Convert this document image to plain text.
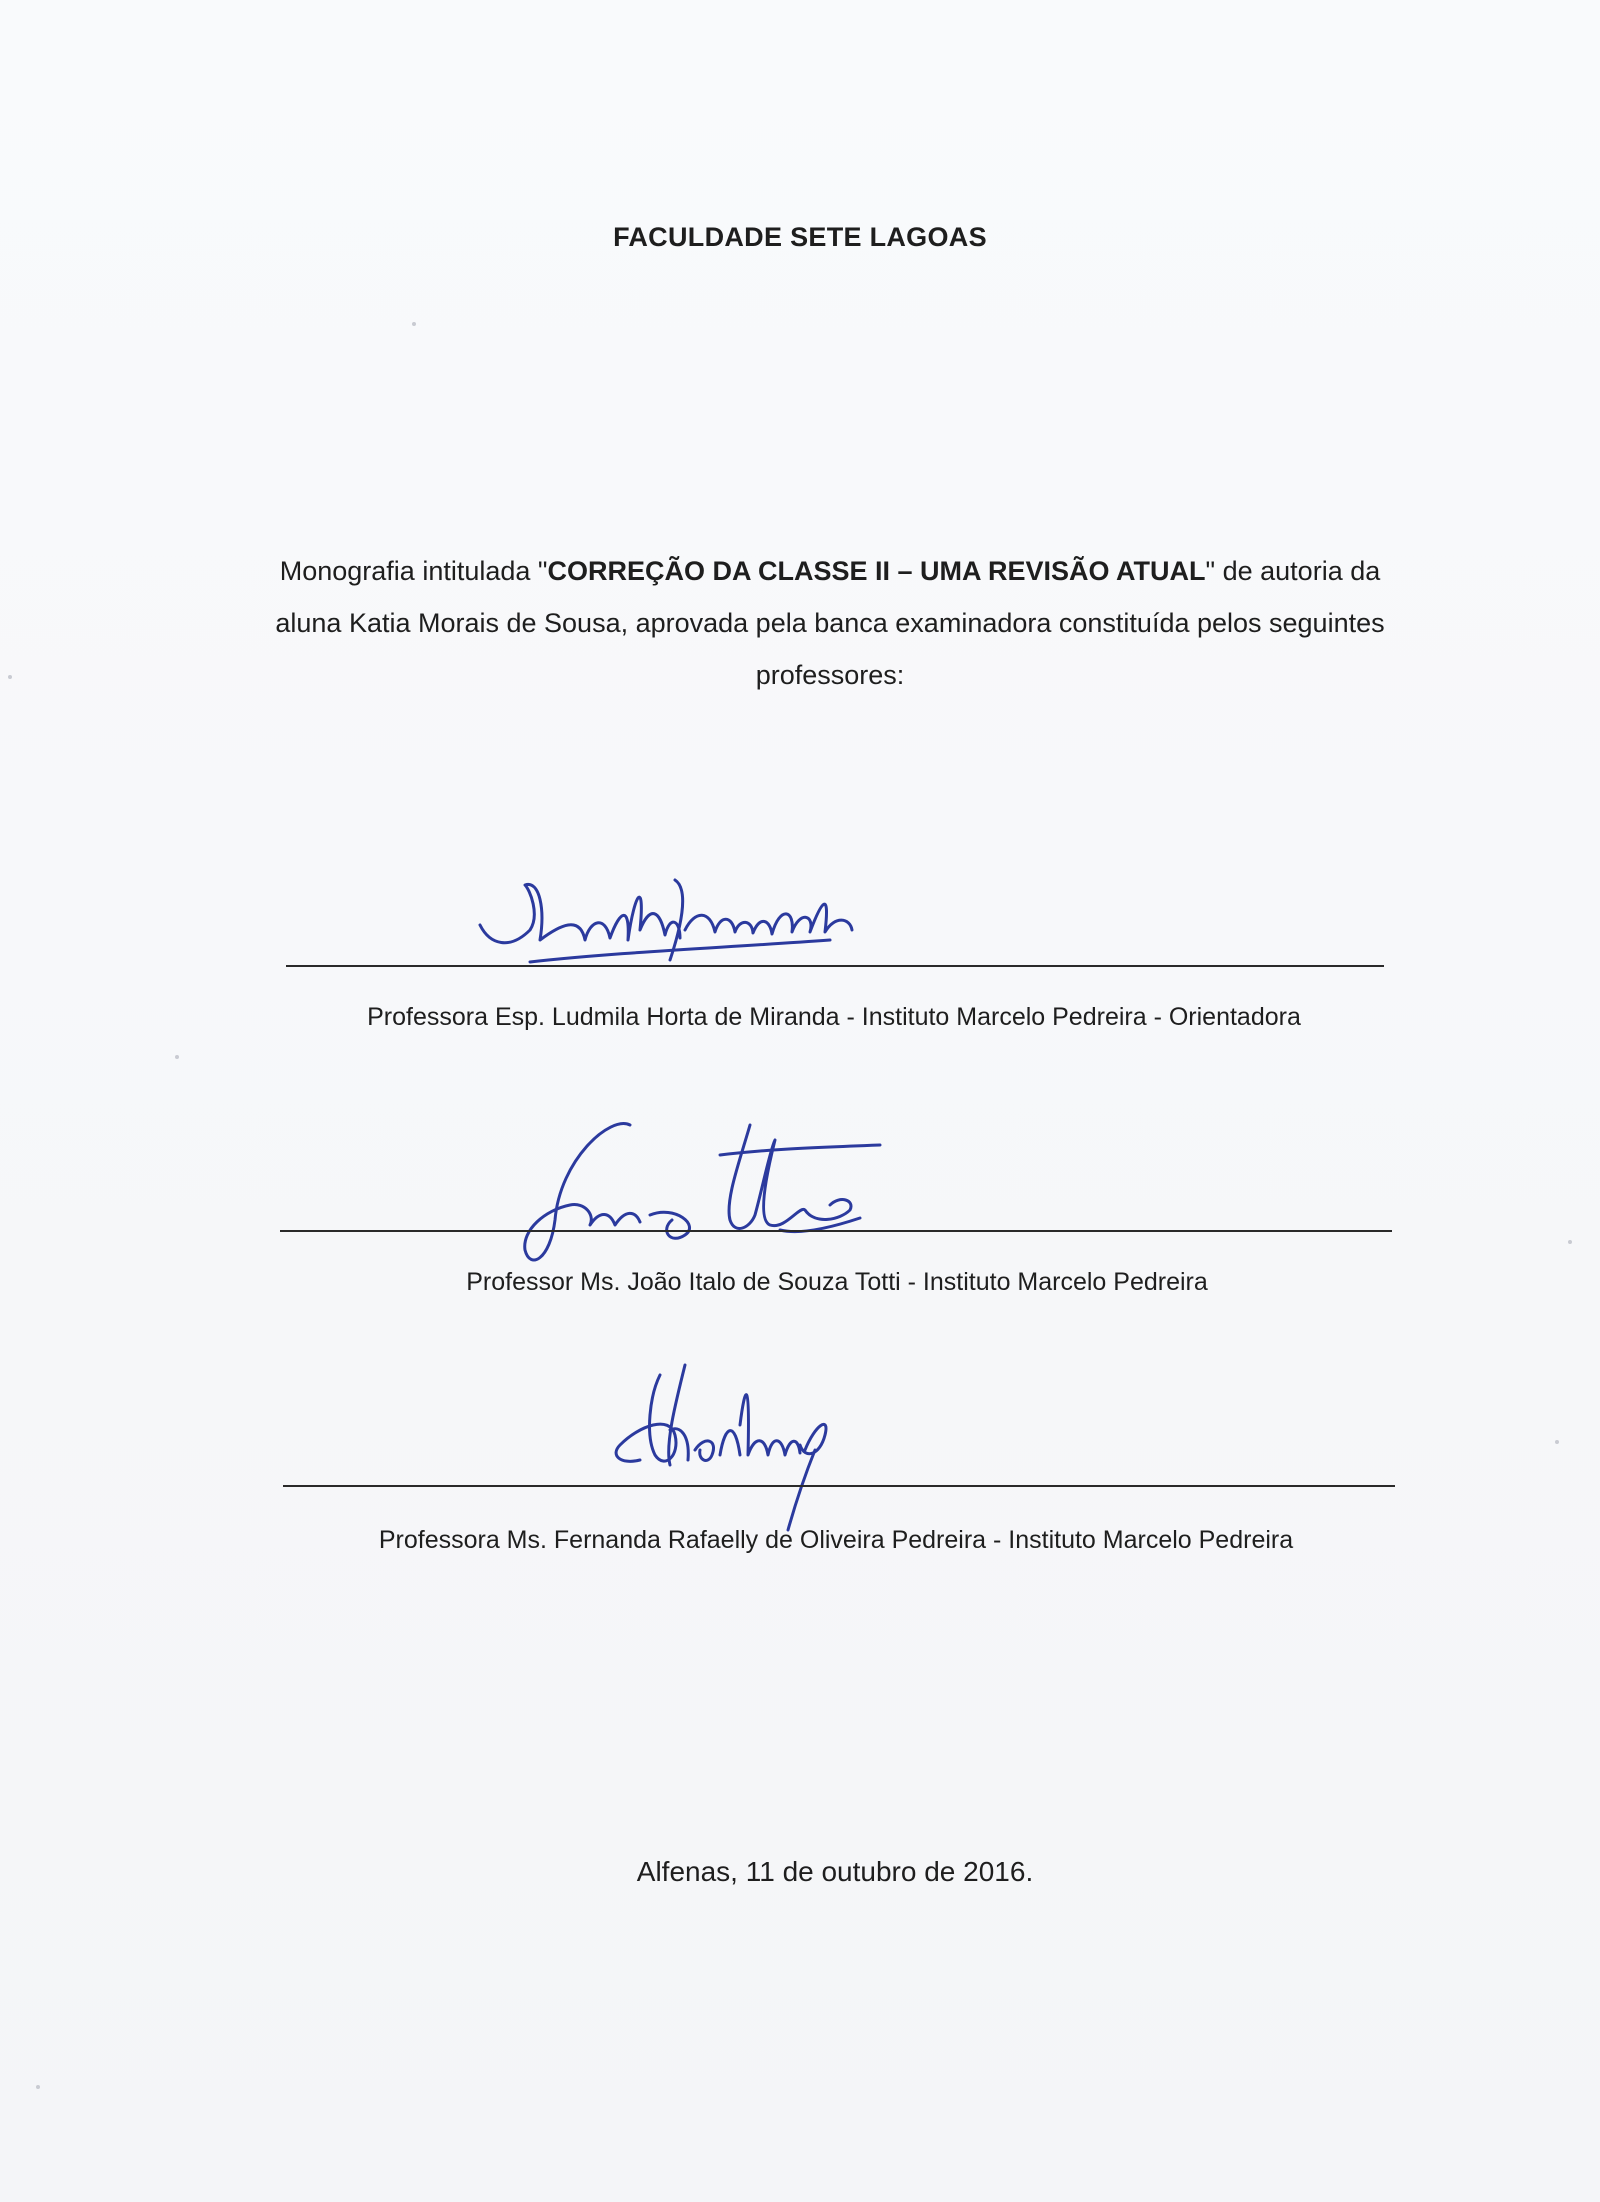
FACULDADE SETE LAGOAS
Monografia intitulada "CORREÇÃO DA CLASSE II – UMA REVISÃO ATUAL" de autoria da aluna Katia Morais de Sousa, aprovada pela banca examinadora constituída pelos seguintes professores:
Professora Esp. Ludmila Horta de Miranda - Instituto Marcelo Pedreira - Orientadora
Professor Ms. João Italo de Souza Totti - Instituto Marcelo Pedreira
Professora Ms. Fernanda Rafaelly de Oliveira Pedreira - Instituto Marcelo Pedreira
Alfenas, 11 de outubro de 2016.
